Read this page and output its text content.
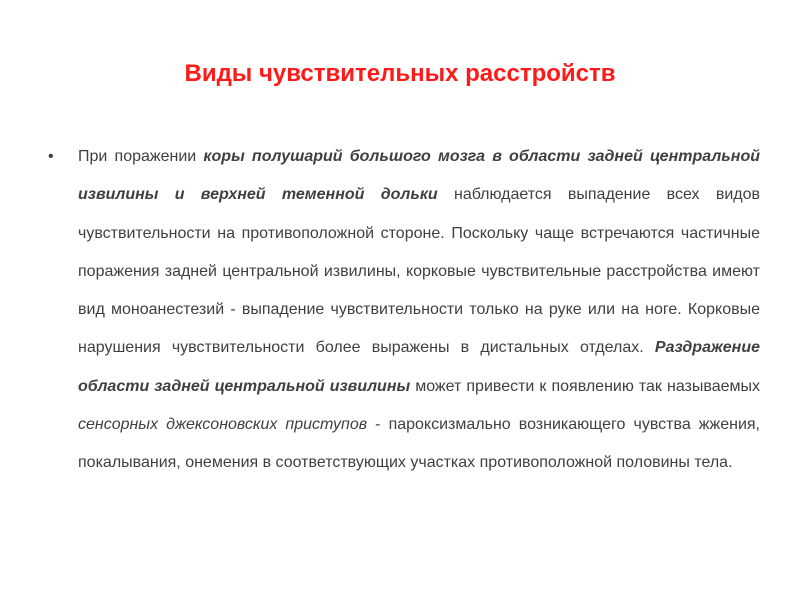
Виды чувствительных расстройств
•	При поражении коры полушарий большого мозга в области задней центральной извилины и верхней теменной дольки наблюдается выпадение всех видов чувствительности на противоположной стороне. Поскольку чаще встречаются частичные поражения задней центральной извилины, корковые чувствительные расстройства имеют вид моноанестезий - выпадение чувствительности только на руке или на ноге. Корковые нарушения чувствительности более выражены в дистальных отделах. Раздражение области задней центральной извилины может привести к появлению так называемых сенсорных джексоновских приступов - пароксизмально возникающего чувства жжения, покалывания, онемения в соответствующих участках противоположной половины тела.
